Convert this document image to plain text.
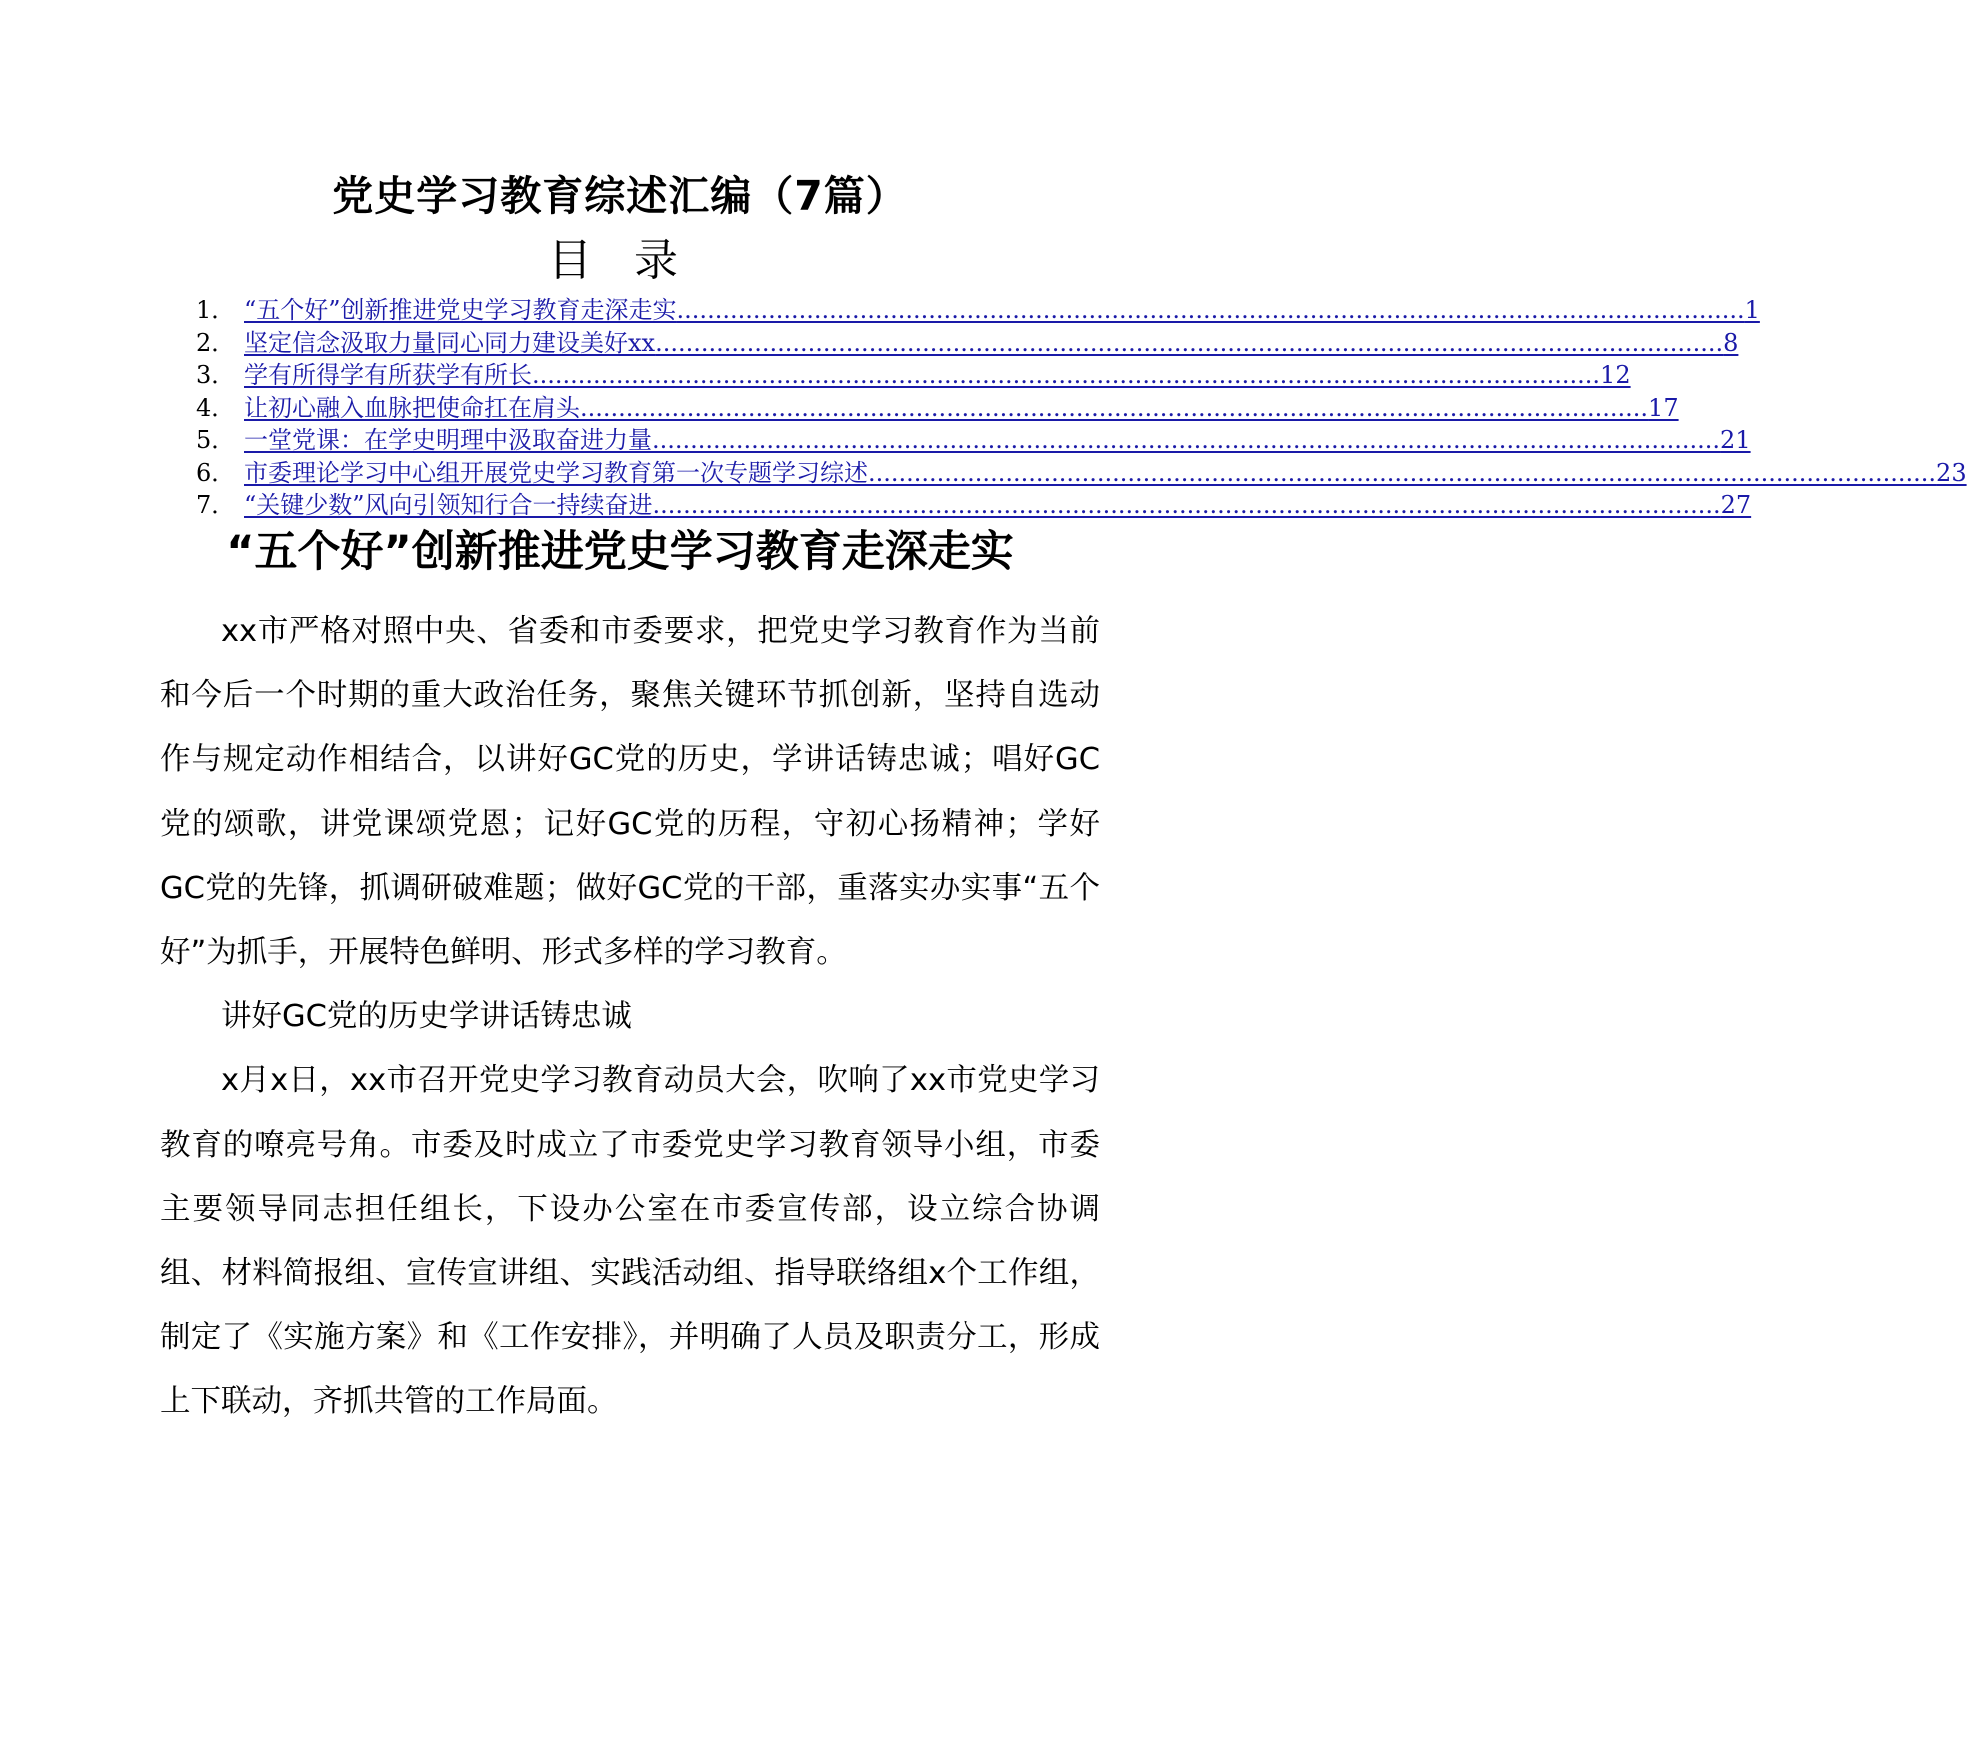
党史学习教育综述汇编（7篇）
目 录
1． “五个好”创新推进党史学习教育走深走实 ............................................................................................................................................ 1
2． 坚定信念汲取力量同心同力建设美好xx ............................................................................................................................................ 8
3． 学有所得学有所获学有所长 ............................................................................................................................................ 12
4． 让初心融入血脉把使命扛在肩头 ............................................................................................................................................ 17
5． 一堂党课：在学史明理中汲取奋进力量 ............................................................................................................................................ 21
6． 市委理论学习中心组开展党史学习教育第一次专题学习综述 ............................................................................................................................................ 23
7． “关键少数”风向引领知行合一持续奋进 ............................................................................................................................................ 27
“五个好”创新推进党史学习教育走深走实

xx市严格对照中央、省委和市委要求，把党史学习教育作为当前和今后一个时期的重大政治任务，聚焦关键环节抓创新，坚持自选动作与规定动作相结合，以讲好GC党的历史，学讲话铸忠诚；唱好GC党的颂歌，讲党课颂党恩；记好GC党的历程，守初心扬精神；学好GC党的先锋，抓调研破难题；做好GC党的干部，重落实办实事“五个好”为抓手，开展特色鲜明、形式多样的学习教育。

讲好GC党的历史学讲话铸忠诚

x月x日，xx市召开党史学习教育动员大会，吹响了xx市党史学习教育的嘹亮号角。市委及时成立了市委党史学习教育领导小组，市委主要领导同志担任组长，下设办公室在市委宣传部，设立综合协调组、材料简报组、宣传宣讲组、实践活动组、指导联络组x个工作组，制定了《实施方案》和《工作安排》，并明确了人员及职责分工，形成上下联动，齐抓共管的工作局面。
